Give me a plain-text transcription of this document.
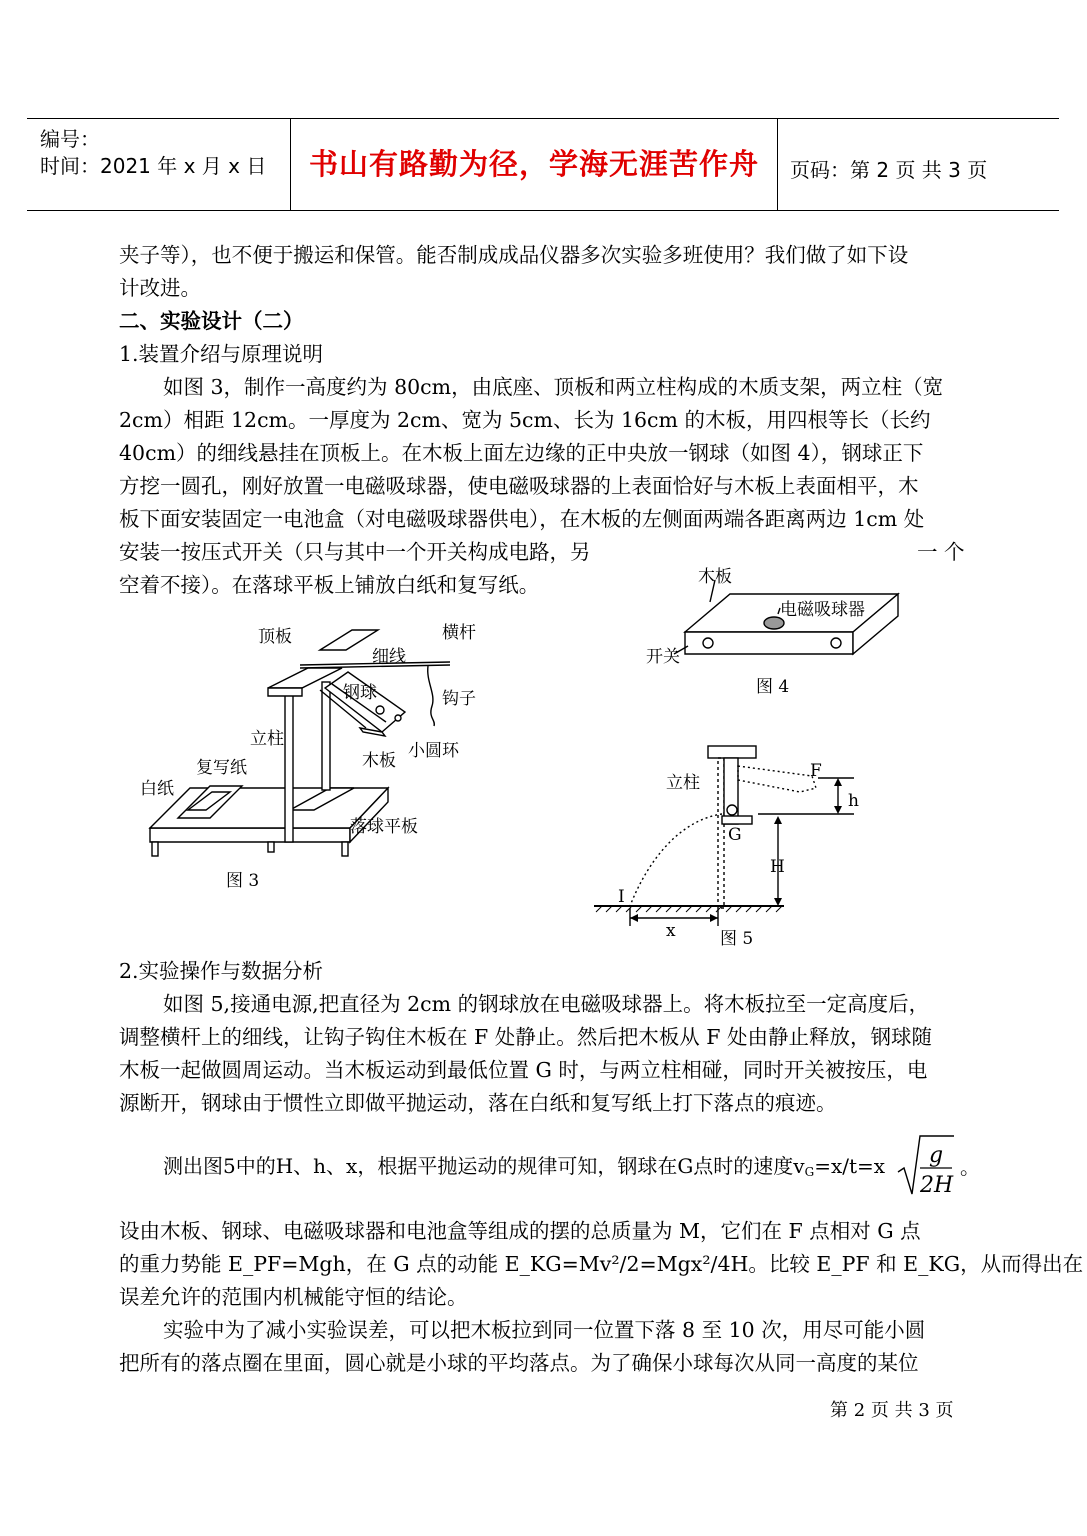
编号：
时间：2021 年 x 月 x 日	书山有路勤为径，学海无涯苦作舟	页码：第 2 页 共 3 页

夹子等），也不便于搬运和保管。能否制成成品仪器多次实验多班使用？我们做了如下设

计改进。

二、实验设计（二）

1.装置介绍与原理说明

如图 3，制作一高度约为 80cm，由底座、顶板和两立柱构成的木质支架，两立柱（宽

2cm）相距 12cm。一厚度为 2cm、宽为 5cm、长为 16cm 的木板，用四根等长（长约

40cm）的细线悬挂在顶板上。在木板上面左边缘的正中央放一钢球（如图 4），钢球正下

方挖一圆孔，刚好放置一电磁吸球器，使电磁吸球器的上表面恰好与木板上表面相平，木

板下面安装固定一电池盒（对电磁吸球器供电），在木板的左侧面两端各距离两边 1cm 处

安装一按压式开关（只与其中一个开关构成电路，另	一 个

空着不接）。在落球平板上铺放白纸和复写纸。

顶板	横杆
细线
钢球	钩子
立柱
小圆环
木板
复写纸
白纸
落球平板
图 3
木板
电磁吸球器
开关
图 4
立柱
F
h
G
H
I
x	图 5

2.实验操作与数据分析

如图 5,接通电源,把直径为 2cm 的钢球放在电磁吸球器上。将木板拉至一定高度后，

调整横杆上的细线，让钩子钩住木板在 F 处静止。然后把木板从 F 处由静止释放，钢球随

木板一起做圆周运动。当木板运动到最低位置 G 时，与两立柱相碰，同时开关被按压，电

源断开，钢球由于惯性立即做平抛运动，落在白纸和复写纸上打下落点的痕迹。

测出图5中的H、h、x，根据平抛运动的规律可知，钢球在G点时的速度$v_G=x/t=x$ g
2H
。

设由木板、钢球、电磁吸球器和电池盒等组成的摆的总质量为 M，它们在 F 点相对 G 点

的重力势能 E_PF=Mgh，在 G 点的动能 E_KG=Mv²/2=Mgx²/4H。比较 E_PF 和 E_KG，从而得出在

误差允许的范围内机械能守恒的结论。

实验中为了减小实验误差，可以把木板拉到同一位置下落 8 至 10 次，用尽可能小圆

把所有的落点圈在里面，圆心就是小球的平均落点。为了确保小球每次从同一高度的某位

第 2 页 共 3 页
